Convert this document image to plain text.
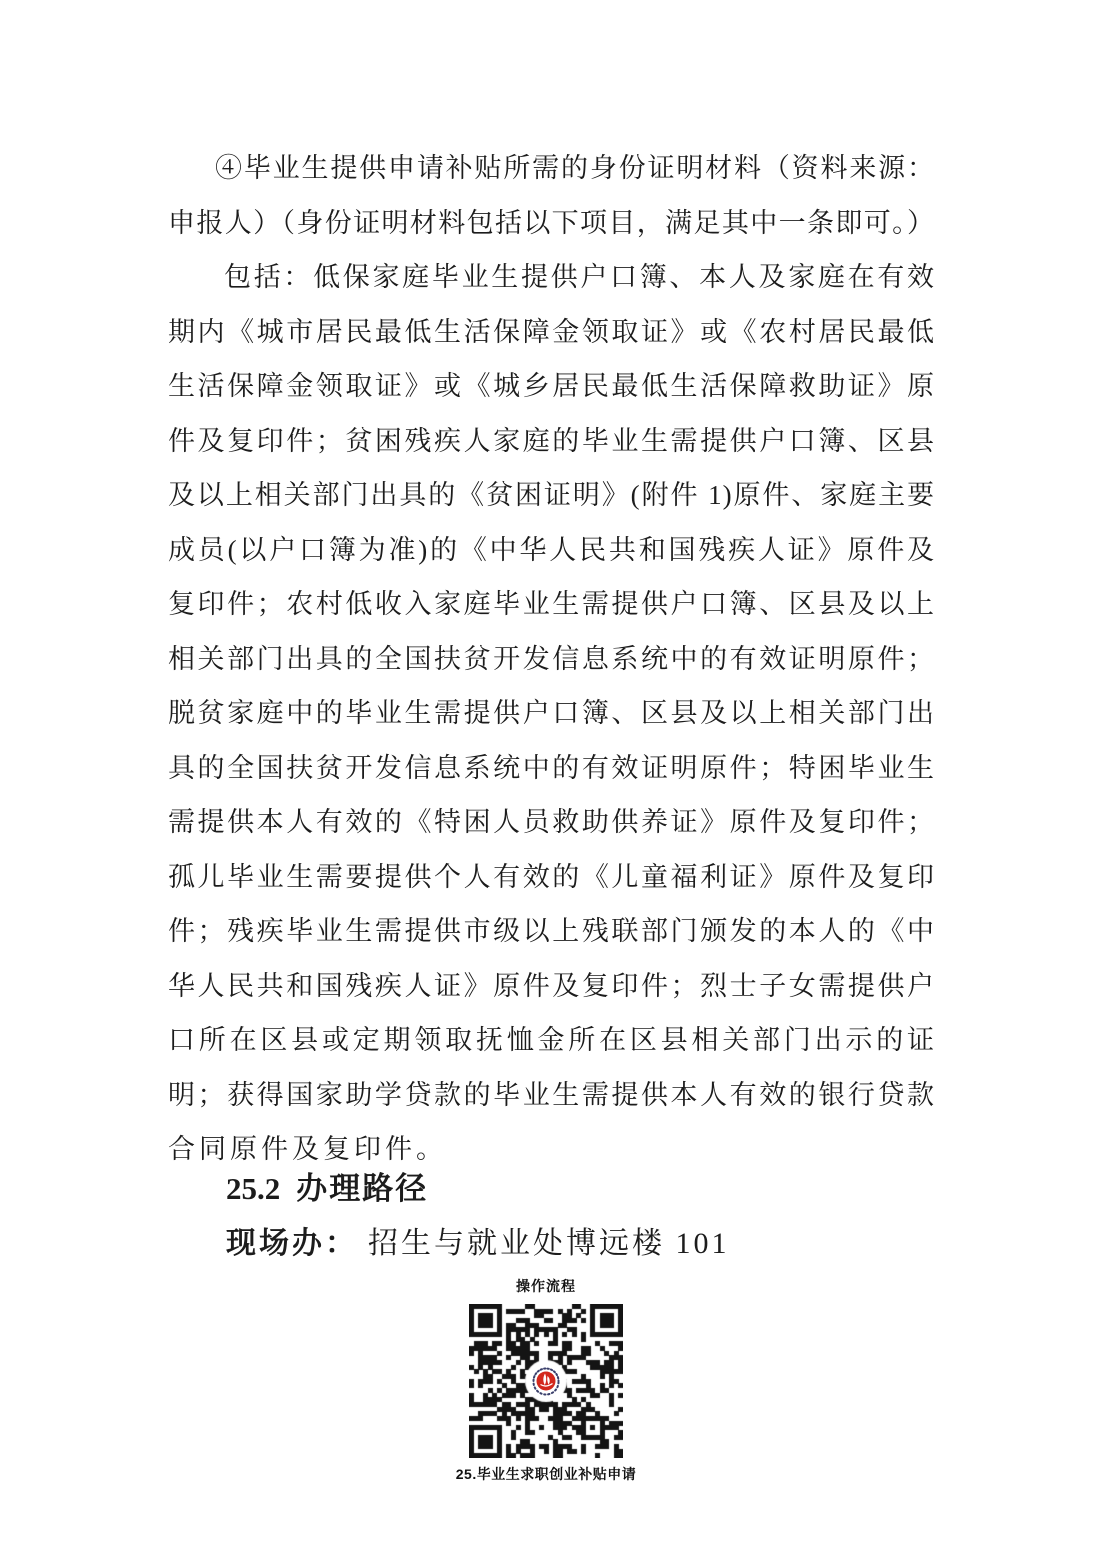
④毕业生提供申请补贴所需的身份证明材料（资料来源：
申报人）（身份证明材料包括以下项目，满足其中一条即可。）
包括：低保家庭毕业生提供户口簿、本人及家庭在有效
期内《城市居民最低生活保障金领取证》或《农村居民最低
生活保障金领取证》或《城乡居民最低生活保障救助证》原
件及复印件；贫困残疾人家庭的毕业生需提供户口簿、区县
及以上相关部门出具的《贫困证明》(附件 1)原件、家庭主要
成员(以户口簿为准)的《中华人民共和国残疾人证》原件及
复印件；农村低收入家庭毕业生需提供户口簿、区县及以上
相关部门出具的全国扶贫开发信息系统中的有效证明原件；
脱贫家庭中的毕业生需提供户口簿、区县及以上相关部门出
具的全国扶贫开发信息系统中的有效证明原件；特困毕业生
需提供本人有效的《特困人员救助供养证》原件及复印件；
孤儿毕业生需要提供个人有效的《儿童福利证》原件及复印
件；残疾毕业生需提供市级以上残联部门颁发的本人的《中
华人民共和国残疾人证》原件及复印件；烈士子女需提供户
口所在区县或定期领取抚恤金所在区县相关部门出示的证
明；获得国家助学贷款的毕业生需提供本人有效的银行贷款
合同原件及复印件。
25.2 办理路径
现场办： 招生与就业处博远楼 101
操作流程
25.毕业生求职创业补贴申请
